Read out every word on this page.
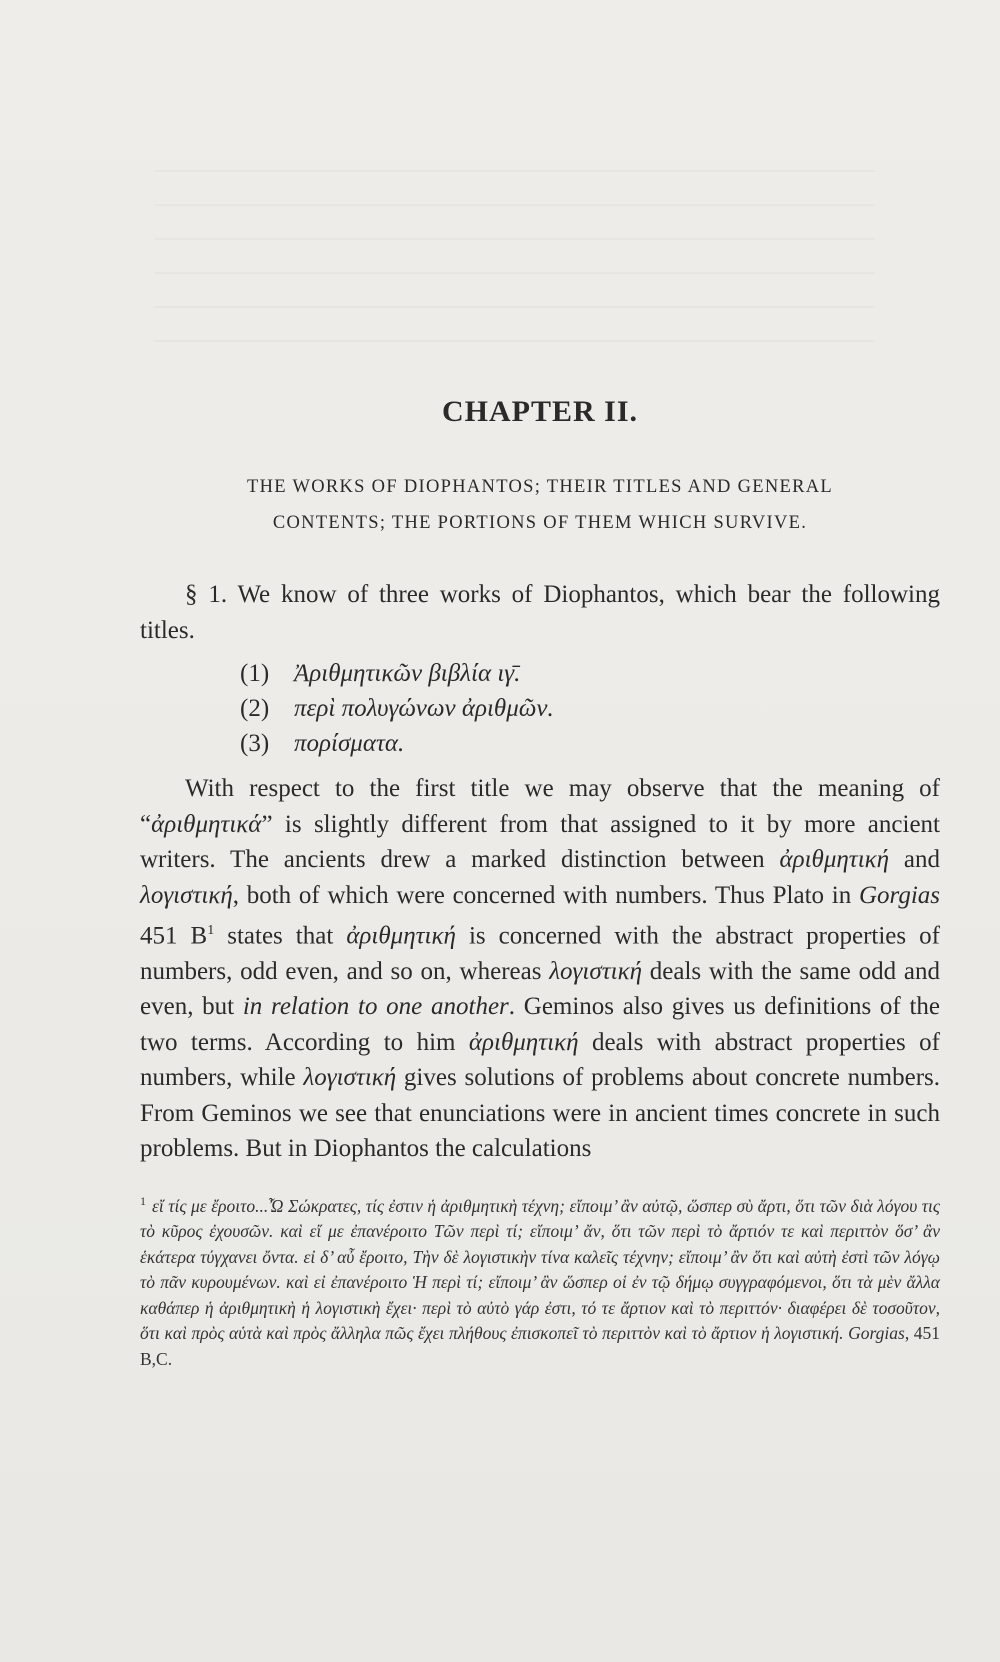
CHAPTER II.
THE WORKS OF DIOPHANTOS; THEIR TITLES AND GENERAL
CONTENTS; THE PORTIONS OF THEM WHICH SURVIVE.

§ 1. We know of three works of Diophantos, which bear the following titles.

(1) Ἀριθμητικῶν βιβλία ιγ̄.
(2) περὶ πολυγώνων ἀριθμῶν.
(3) πορίσματα.

With respect to the first title we may observe that the meaning of “ἀριθμητικά” is slightly different from that assigned to it by more ancient writers. The ancients drew a marked distinction between ἀριθμητική and λογιστική, both of which were concerned with numbers. Thus Plato in Gorgias 451 $B^1$ states that ἀριθμητική is concerned with the abstract properties of numbers, odd even, and so on, whereas λογιστική deals with the same odd and even, but in relation to one another. Geminos also gives us definitions of the two terms. According to him ἀριθμητική deals with abstract properties of numbers, while λογιστική gives solutions of problems about concrete numbers. From Geminos we see that enunciations were in ancient times concrete in such problems. But in Diophantos the calculations

$^1$ εἴ τίς με ἔροιτο...Ὦ Σώκρατες, τίς ἐστιν ἡ ἀριθμητικὴ τέχνη; εἴποιμ’ ἂν αὐτῷ, ὥσπερ σὺ ἄρτι, ὅτι τῶν διὰ λόγου τις τὸ κῦρος ἐχουσῶν. καὶ εἴ με ἐπανέροιτο Τῶν περὶ τί; εἴποιμ’ ἄν, ὅτι τῶν περὶ τὸ ἄρτιόν τε καὶ περιττὸν ὅσ’ ἂν ἑκάτερα τύγχανει ὄντα. εἰ δ’ αὖ ἔροιτο, Τὴν δὲ λογιστικὴν τίνα καλεῖς τέχνην; εἴποιμ’ ἂν ὅτι καὶ αὐτὴ ἐστὶ τῶν λόγῳ τὸ πᾶν κυρουμένων. καὶ εἰ ἐπανέροιτο Ἡ περὶ τί; εἴποιμ’ ἂν ὥσπερ οἱ ἐν τῷ δήμῳ συγγραφόμενοι, ὅτι τὰ μὲν ἄλλα καθάπερ ἡ ἀριθμητικὴ ἡ λογιστικὴ ἔχει· περὶ τὸ αὐτὸ γάρ ἐστι, τό τε ἄρτιον καὶ τὸ περιττόν· διαφέρει δὲ τοσοῦτον, ὅτι καὶ πρὸς αὑτὰ καὶ πρὸς ἄλληλα πῶς ἔχει πλήθους ἐπισκοπεῖ τὸ περιττὸν καὶ τὸ ἄρτιον ἡ λογιστική. Gorgias, 451 B,C.
